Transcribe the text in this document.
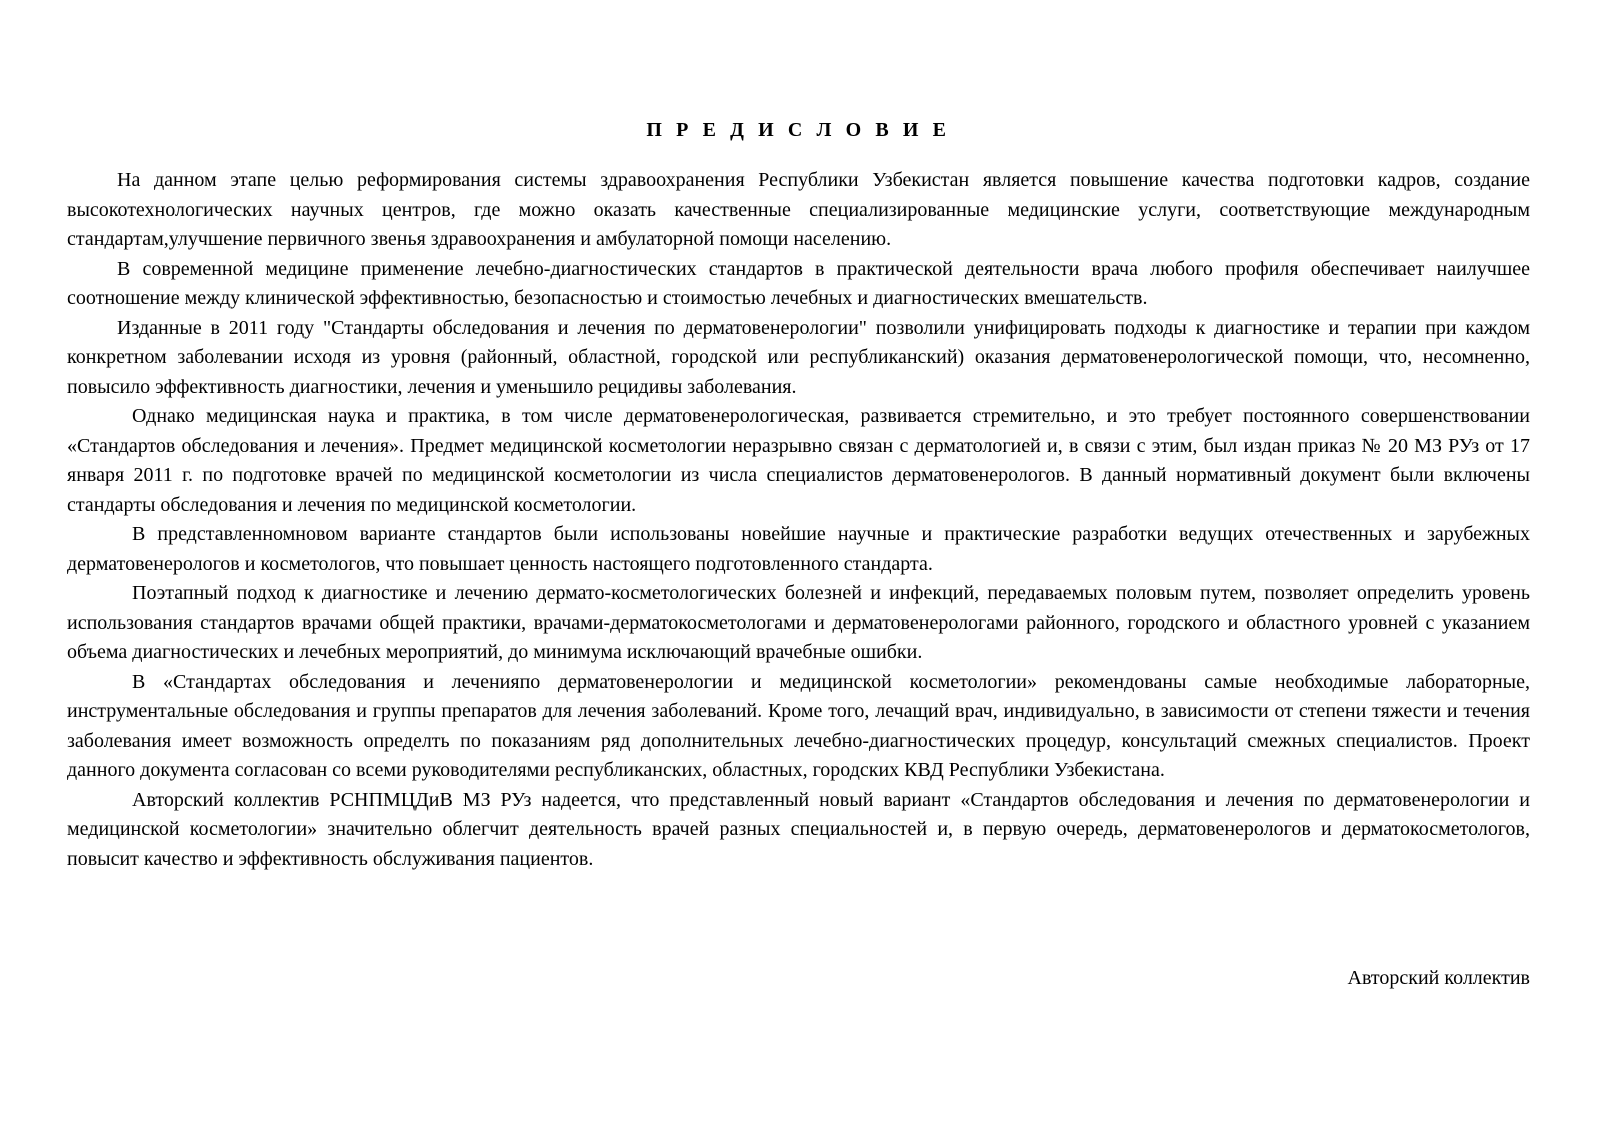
П Р Е Д И С Л О В И Е

На данном этапе целью реформирования системы здравоохранения Республики Узбекистан является повышение качества подготовки кадров, создание высокотехнологических научных центров, где можно оказать качественные специализированные медицинские услуги, соответствующие международным стандартам,улучшение первичного звенья здравоохранения и амбулаторной помощи населению.

В современной медицине применение лечебно-диагностических стандартов в практической деятельности врача любого профиля обеспечивает наилучшее соотношение между клинической эффективностью, безопасностью и стоимостью лечебных и диагностических вмешательств.

Изданные в 2011 году "Стандарты обследования и лечения по дерматовенерологии" позволили унифицировать подходы к диагностике и терапии при каждом конкретном заболевании исходя из уровня (районный, областной, городской или республиканский) оказания дерматовенерологической помощи, что, несомненно, повысило эффективность диагностики, лечения и уменьшило рецидивы заболевания.

Однако медицинская наука и практика, в том числе дерматовенерологическая, развивается стремительно, и это требует постоянного совершенствовании «Стандартов обследования и лечения». Предмет медицинской косметологии неразрывно связан с дерматологией и, в связи с этим, был издан приказ № 20 МЗ РУз от 17 января 2011 г. по подготовке врачей по медицинской косметологии из числа специалистов дерматовенерологов. В данный нормативный документ были включены стандарты обследования и лечения по медицинской косметологии.

В представленномновом варианте стандартов были использованы новейшие научные и практические разработки ведущих отечественных и зарубежных дерматовенерологов и косметологов, что повышает ценность настоящего подготовленного стандарта.

Поэтапный подход к диагностике и лечению дермато-косметологических болезней и инфекций, передаваемых половым путем, позволяет определить уровень использования стандартов врачами общей практики, врачами-дерматокосметологами и дерматовенерологами районного, городского и областного уровней с указанием объема диагностических и лечебных мероприятий, до минимума исключающий врачебные ошибки.

В «Стандартах обследования и леченияпо дерматовенерологии и медицинской косметологии» рекомендованы самые необходимые лабораторные, инструментальные обследования и группы препаратов для лечения заболеваний. Кроме того, лечащий врач, индивидуально, в зависимости от степени тяжести и течения заболевания имеет возможность определть по показаниям ряд дополнительных лечебно-диагностических процедур, консультаций смежных специалистов. Проект данного документа согласован со всеми руководителями республиканских, областных, городских КВД Республики Узбекистана.

Авторский коллектив РСНПМЦДиВ МЗ РУз надеется, что представленный новый вариант «Стандартов обследования и лечения по дерматовенерологии и медицинской косметологии» значительно облегчит деятельность врачей разных специальностей и, в первую очередь, дерматовенерологов и дерматокосметологов, повысит качество и эффективность обслуживания пациентов.

Авторский коллектив
